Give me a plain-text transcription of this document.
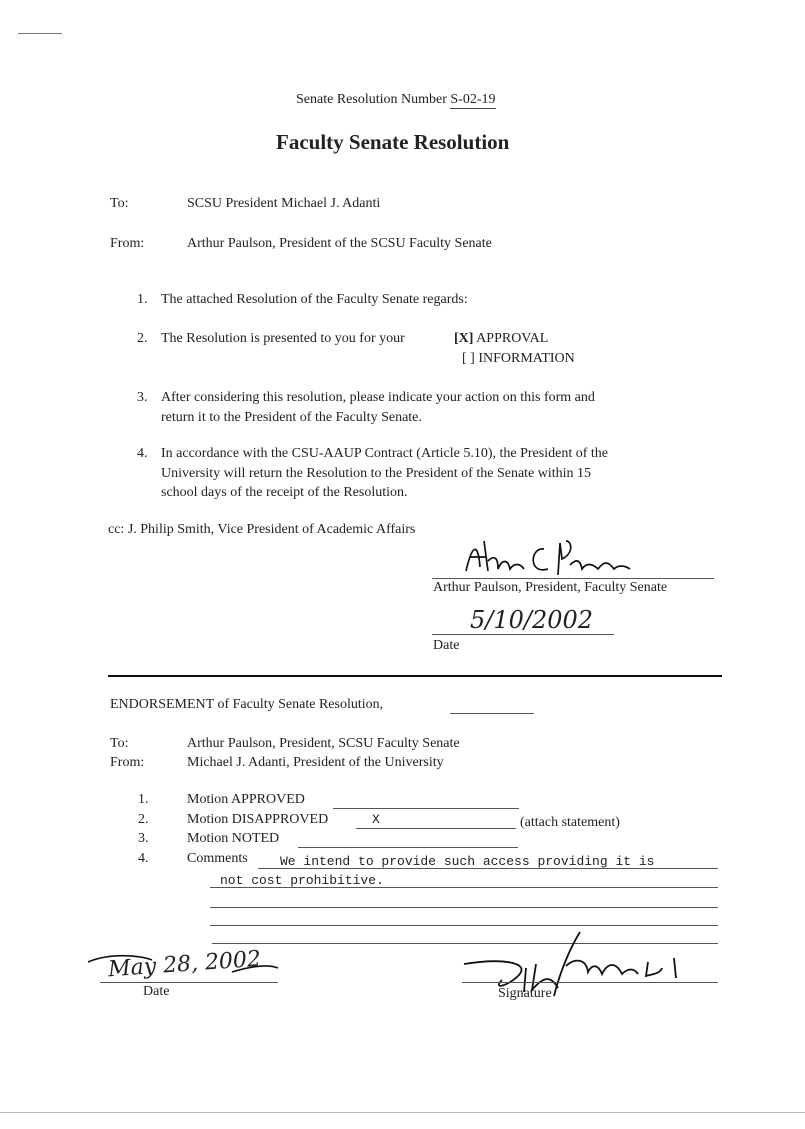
Senate Resolution Number S-02-19
Faculty Senate Resolution
To:	SCSU President Michael J. Adanti
From:	Arthur Paulson, President of the SCSU Faculty Senate
1. The attached Resolution of the Faculty Senate regards:
2. The Resolution is presented to you for your	[X] APPROVAL
[ ] INFORMATION
3. After considering this resolution, please indicate your action on this form and
return it to the President of the Faculty Senate.
4. In accordance with the CSU-AAUP Contract (Article 5.10), the President of the
University will return the Resolution to the President of the Senate within 15
school days of the receipt of the Resolution.
cc: J. Philip Smith, Vice President of Academic Affairs
Arthur Paulson, President, Faculty Senate
5/10/2002
Date
ENDORSEMENT of Faculty Senate Resolution,
To:	Arthur Paulson, President, SCSU Faculty Senate
From:	Michael J. Adanti, President of the University
1.	Motion APPROVED
2.	Motion DISAPPROVED	X	(attach statement)
3.	Motion NOTED
4.	Comments We intend to provide such access providing it is
not cost prohibitive.
May 28, 2002
Date	Signature
